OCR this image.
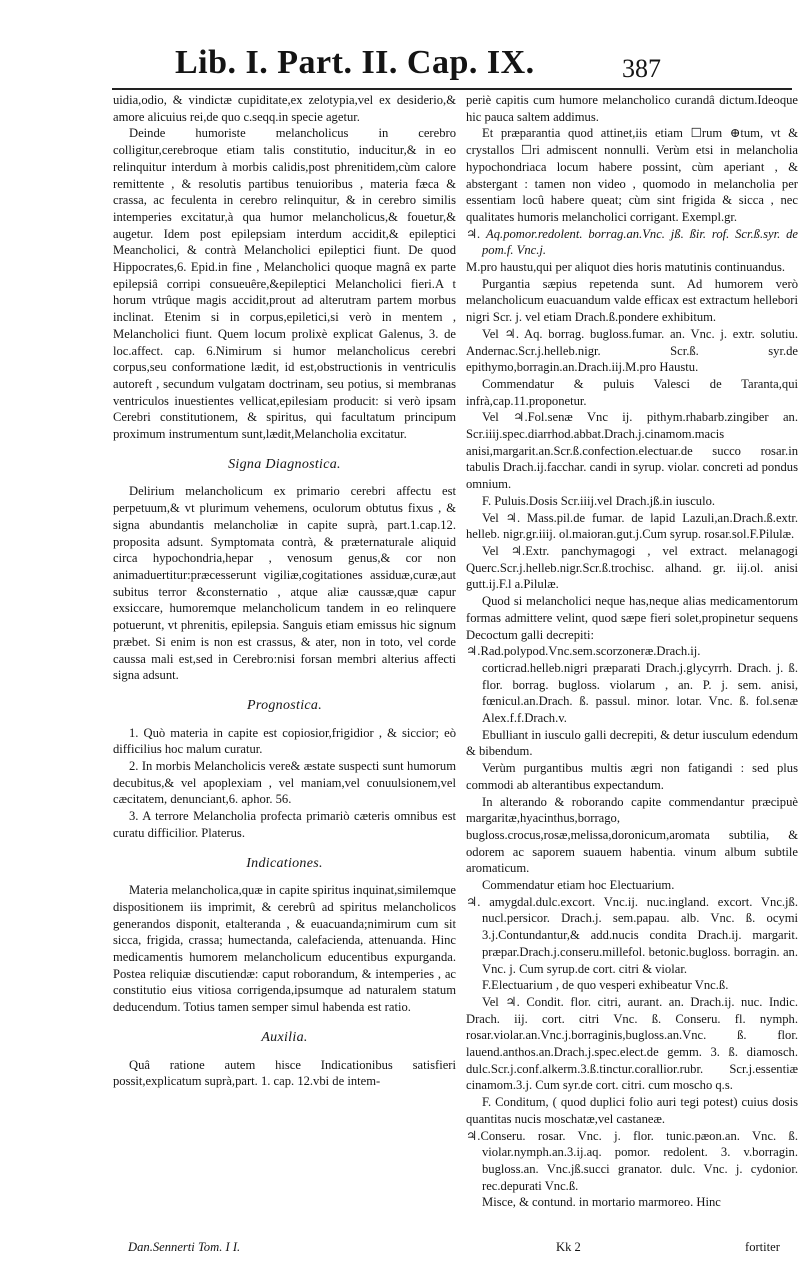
Lib. I. Part. II. Cap. IX.	387

uidia,odio, & vindictæ cupiditate,ex zelotypia,vel ex desiderio,& amore alicuius rei,de quo c.seqq.in specie agetur.

Deinde humoriste melancholicus in cerebro colligitur,cerebroque etiam talis constitutio, inducitur,& in eo relinquitur interdum à morbis calidis,post phrenitidem,cùm calore remittente , & resolutis partibus tenuioribus , materia fæca & crassa, ac feculenta in cerebro relinquitur, & in cerebro similis intemperies excitatur,à qua humor melancholicus,& fouetur,& augetur. Idem post epilepsiam interdum accidit,& epileptici Meancholici, & contrà Melancholici epileptici fiunt. De quod Hippocrates,6. Epid.in fine , Melancholici quoque magnâ ex parte epilepsiâ corripi consueuêre,&epileptici Melancholici fieri.A t horum vtrûque magis accidit,prout ad alterutram partem morbus inclinat. Etenim si in corpus,epiletici,si verò in mentem , Melancholici fiunt. Quem locum prolixè explicat Galenus, 3. de loc.affect. cap. 6.Nimirum si humor melancholicus cerebri corpus,seu conformatione lædit, id est,obstructionis in ventriculis autoreft , secundum vulgatam doctrinam, seu potius, si membranas ventriculos inuestientes vellicat,epilesiam producit: si verò ipsam Cerebri constitutionem, & spiritus, qui facultatum principum proximum instrumentum sunt,lædit,Melancholia excitatur.

Signa Diagnostica.

Delirium melancholicum ex primario cerebri affectu est perpetuum,& vt plurimum vehemens, oculorum obtutus fixus , & signa abundantis melancholiæ in capite suprà, part.1.cap.12. proposita adsunt. Symptomata contrà, & præternaturale aliquid circa hypochondria,hepar , venosum genus,& cor non animaduertitur:præcesserunt vigiliæ,cogitationes assiduæ,curæ,aut subitus terror &consternatio , atque aliæ caussæ,quæ capur exsiccare, humoremque melancholicum tandem in eo relinquere potuerunt, vt phrenitis, epilepsia. Sanguis etiam emissus hic signum præbet. Si enim is non est crassus, & ater, non in toto, vel corde caussa mali est,sed in Cerebro:nisi forsan membri alterius affecti signa adsunt.

Prognostica.

1. Quò materia in capite est copiosior,frigidior , & siccior; eò difficilius hoc malum curatur.

2. In morbis Melancholicis vere& æstate suspecti sunt humorum decubitus,& vel apoplexiam , vel maniam,vel conuulsionem,vel cæcitatem, denunciant,6. aphor. 56.

3. A terrore Melancholia profecta primariò cæteris omnibus est curatu difficilior. Platerus.

Indicationes.

Materia melancholica,quæ in capite spiritus inquinat,similemque dispositionem iis imprimit, & cerebrû ad spiritus melancholicos generandos disponit, etalteranda , & euacuanda;nimirum cum sit sicca, frigida, crassa; humectanda, calefacienda, attenuanda. Hinc medicamentis humorem melancholicum educentibus expurganda. Postea reliquiæ discutiendæ: caput roborandum, & intemperies , ac constitutio eius vitiosa corrigenda,ipsumque ad naturalem statum deducendum. Totius tamen semper simul habenda est ratio.

Auxilia.

Quâ ratione autem hisce Indicationibus satisfieri possit,explicatum suprà,part. 1. cap. 12.vbi de intem-

periè capitis cum humore melancholico curandâ dictum.Ideoque hic pauca saltem addimus.

Et præparantia quod attinet,iis etiam ☐rum ⊕tum, vt & crystallos ☐ri admiscent nonnulli. Verùm etsi in melancholia hypochondriaca locum habere possint, cùm aperiant , & abstergant : tamen non video , quomodo in melancholia per essentiam locû habere queat; cùm sint frigida & sicca , nec qualitates humoris melancholici corrigant. Exempl.gr.

♃. Aq.pomor.redolent. borrag.an.Vnc. jß. ßir. rof. Scr.ß.syr. de pom.f. Vnc.j.

M.pro haustu,qui per aliquot dies horis matutinis continuandus.

Purgantia sæpius repetenda sunt. Ad humorem verò melancholicum euacuandum valde efficax est extractum hellebori nigri Scr. j. vel etiam Drach.ß.pondere exhibitum.

Vel ♃. Aq. borrag. bugloss.fumar. an. Vnc. j. extr. solutiu. Andernac.Scr.j.helleb.nigr. Scr.ß. syr.de epithymo,borragin.an.Drach.iij.M.pro Haustu.

Commendatur & puluis Valesci de Taranta,qui infrà,cap.11.proponetur.

Vel ♃.Fol.senæ Vnc ij. pithym.rhabarb.zingiber an. Scr.iiij.spec.diarrhod.abbat.Drach.j.cinamom.macis anisi,margarit.an.Scr.ß.confection.electuar.de succo rosar.in tabulis Drach.ij.facchar. candi in syrup. violar. concreti ad pondus omnium.

F. Puluis.Dosis Scr.iiij.vel Drach.jß.in iusculo.

Vel ♃. Mass.pil.de fumar. de lapid Lazuli,an.Drach.ß.extr. helleb. nigr.gr.iiij. ol.maioran.gut.j.Cum syrup. rosar.sol.F.Pilulæ.

Vel ♃.Extr. panchymagogi , vel extract. melanagogi Querc.Scr.j.helleb.nigr.Scr.ß.trochisc. alhand. gr. iij.ol. anisi gutt.ij.F.l a.Pilulæ.

Quod si melancholici neque has,neque alias medicamentorum formas admittere velint, quod sæpe fieri solet,propinetur sequens Decoctum galli decrepiti:

♃.Rad.polypod.Vnc.sem.scorzoneræ.Drach.ij. corticrad.helleb.nigri præparati Drach.j.glycyrrh. Drach. j. ß. flor. borrag. bugloss. violarum , an. P. j. sem. anisi, fœnicul.an.Drach. ß. passul. minor. lotar. Vnc. ß. fol.senæ Alex.f.f.Drach.v.

Ebulliant in iusculo galli decrepiti, & detur iusculum edendum & bibendum.

Verùm purgantibus multis ægri non fatigandi : sed plus commodi ab alterantibus expectandum.

In alterando & roborando capite commendantur præcipuè margaritæ,hyacinthus,borrago, bugloss.crocus,rosæ,melissa,doronicum,aromata subtilia, & odorem ac saporem suauem habentia. vinum album subtile aromaticum.

Commendatur etiam hoc Electuarium.

♃. amygdal.dulc.excort. Vnc.ij. nuc.ingland. excort. Vnc.jß. nucl.persicor. Drach.j. sem.papau. alb. Vnc. ß. ocymi 3.j.Contundantur,& add.nucis condita Drach.ij. margarit. præpar.Drach.j.conseru.millefol. betonic.bugloss. borragin. an. Vnc. j. Cum syrup.de cort. citri & violar.

F.Electuarium , de quo vesperi exhibeatur Vnc.ß.

Vel ♃. Condit. flor. citri, aurant. an. Drach.ij. nuc. Indic. Drach. iij. cort. citri Vnc. ß. Conseru. fl. nymph. rosar.violar.an.Vnc.j.borraginis,bugloss.an.Vnc. ß. flor. lauend.anthos.an.Drach.j.spec.elect.de gemm. 3. ß. diamosch. dulc.Scr.j.conf.alkerm.3.ß.tinctur.corallior.rubr. Scr.j.essentiæ cinamom.3.j. Cum syr.de cort. citri. cum moscho q.s.

F. Conditum, ( quod duplici folio auri tegi potest) cuius dosis quantitas nucis moschatæ,vel castaneæ.

♃.Conseru. rosar. Vnc. j. flor. tunic.pæon.an. Vnc. ß. violar.nymph.an.3.ij.aq. pomor. redolent. 3. v.borragin. bugloss.an. Vnc.jß.succi granator. dulc. Vnc. j. cydonior. rec.depurati Vnc.ß.

Misce, & contund. in mortario marmoreo. Hinc

Dan.Sennerti Tom. I I.	Kk 2	fortiter
